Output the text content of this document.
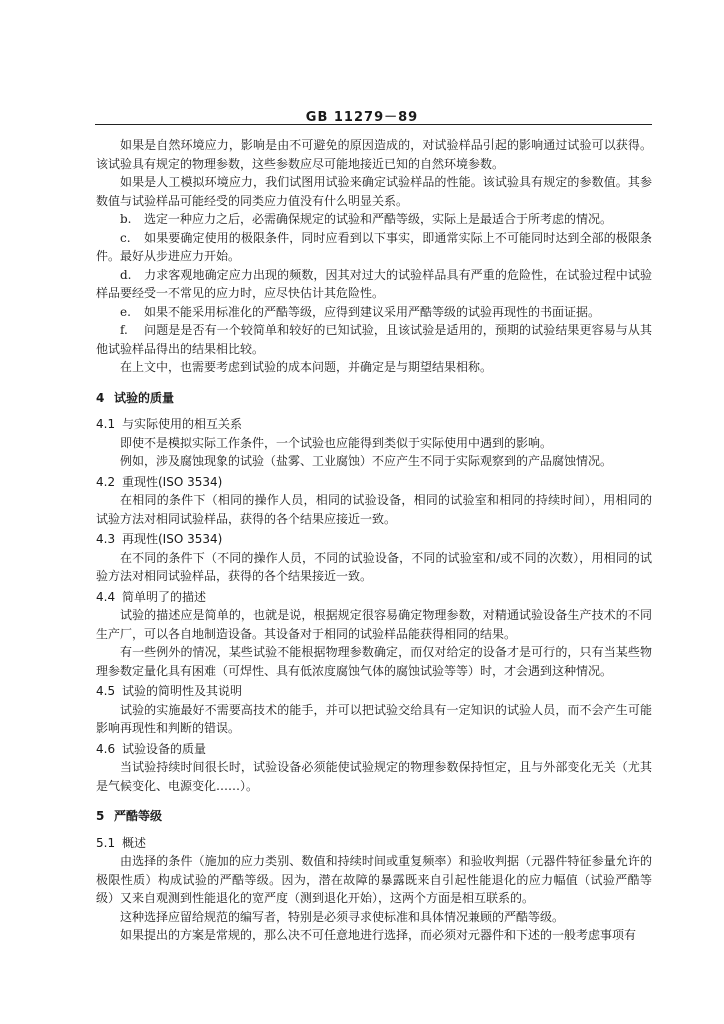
GB 11279－89

如果是自然环境应力，影响是由不可避免的原因造成的，对试验样品引起的影响通过试验可以获得。该试验具有规定的物理参数，这些参数应尽可能地接近已知的自然环境参数。

如果是人工模拟环境应力，我们试图用试验来确定试验样品的性能。该试验具有规定的参数值。其参数值与试验样品可能经受的同类应力值没有什么明显关系。

b. 选定一种应力之后，必需确保规定的试验和严酷等级，实际上是最适合于所考虑的情况。

c. 如果要确定使用的极限条件，同时应看到以下事实，即通常实际上不可能同时达到全部的极限条件。最好从步进应力开始。

d. 力求客观地确定应力出现的频数，因其对过大的试验样品具有严重的危险性，在试验过程中试验样品要经受一不常见的应力时，应尽快估计其危险性。

e. 如果不能采用标准化的严酷等级，应得到建议采用严酷等级的试验再现性的书面证据。

f. 问题是是否有一个较简单和较好的已知试验，且该试验是适用的，预期的试验结果更容易与从其他试验样品得出的结果相比较。

在上文中，也需要考虑到试验的成本问题，并确定是与期望结果相称。

4 试验的质量

4.1 与实际使用的相互关系

即使不是模拟实际工作条件，一个试验也应能得到类似于实际使用中遇到的影响。

例如，涉及腐蚀现象的试验（盐雾、工业腐蚀）不应产生不同于实际观察到的产品腐蚀情况。

4.2 重现性(ISO 3534)

在相同的条件下（相同的操作人员，相同的试验设备，相同的试验室和相同的持续时间），用相同的试验方法对相同试验样品，获得的各个结果应接近一致。

4.3 再现性(ISO 3534)

在不同的条件下（不同的操作人员，不同的试验设备，不同的试验室和/或不同的次数），用相同的试验方法对相同试验样品，获得的各个结果接近一致。

4.4 简单明了的描述

试验的描述应是简单的，也就是说，根据规定很容易确定物理参数，对精通试验设备生产技术的不同生产厂，可以各自地制造设备。其设备对于相同的试验样品能获得相同的结果。

有一些例外的情况，某些试验不能根据物理参数确定，而仅对给定的设备才是可行的，只有当某些物理参数定量化具有困难（可焊性、具有低浓度腐蚀气体的腐蚀试验等等）时，才会遇到这种情况。

4.5 试验的简明性及其说明

试验的实施最好不需要高技术的能手，并可以把试验交给具有一定知识的试验人员，而不会产生可能影响再现性和判断的错误。

4.6 试验设备的质量

当试验持续时间很长时，试验设备必须能使试验规定的物理参数保持恒定，且与外部变化无关（尤其是气候变化、电源变化……）。

5 严酷等级

5.1 概述

由选择的条件（施加的应力类别、数值和持续时间或重复频率）和验收判据（元器件特征参量允许的极限性质）构成试验的严酷等级。因为，潜在故障的暴露既来自引起性能退化的应力幅值（试验严酷等级）又来自观测到性能退化的宽严度（测到退化开始），这两个方面是相互联系的。

这种选择应留给规范的编写者，特别是必须寻求使标准和具体情况兼顾的严酷等级。

如果提出的方案是常规的，那么决不可任意地进行选择，而必须对元器件和下述的一般考虑事项有
